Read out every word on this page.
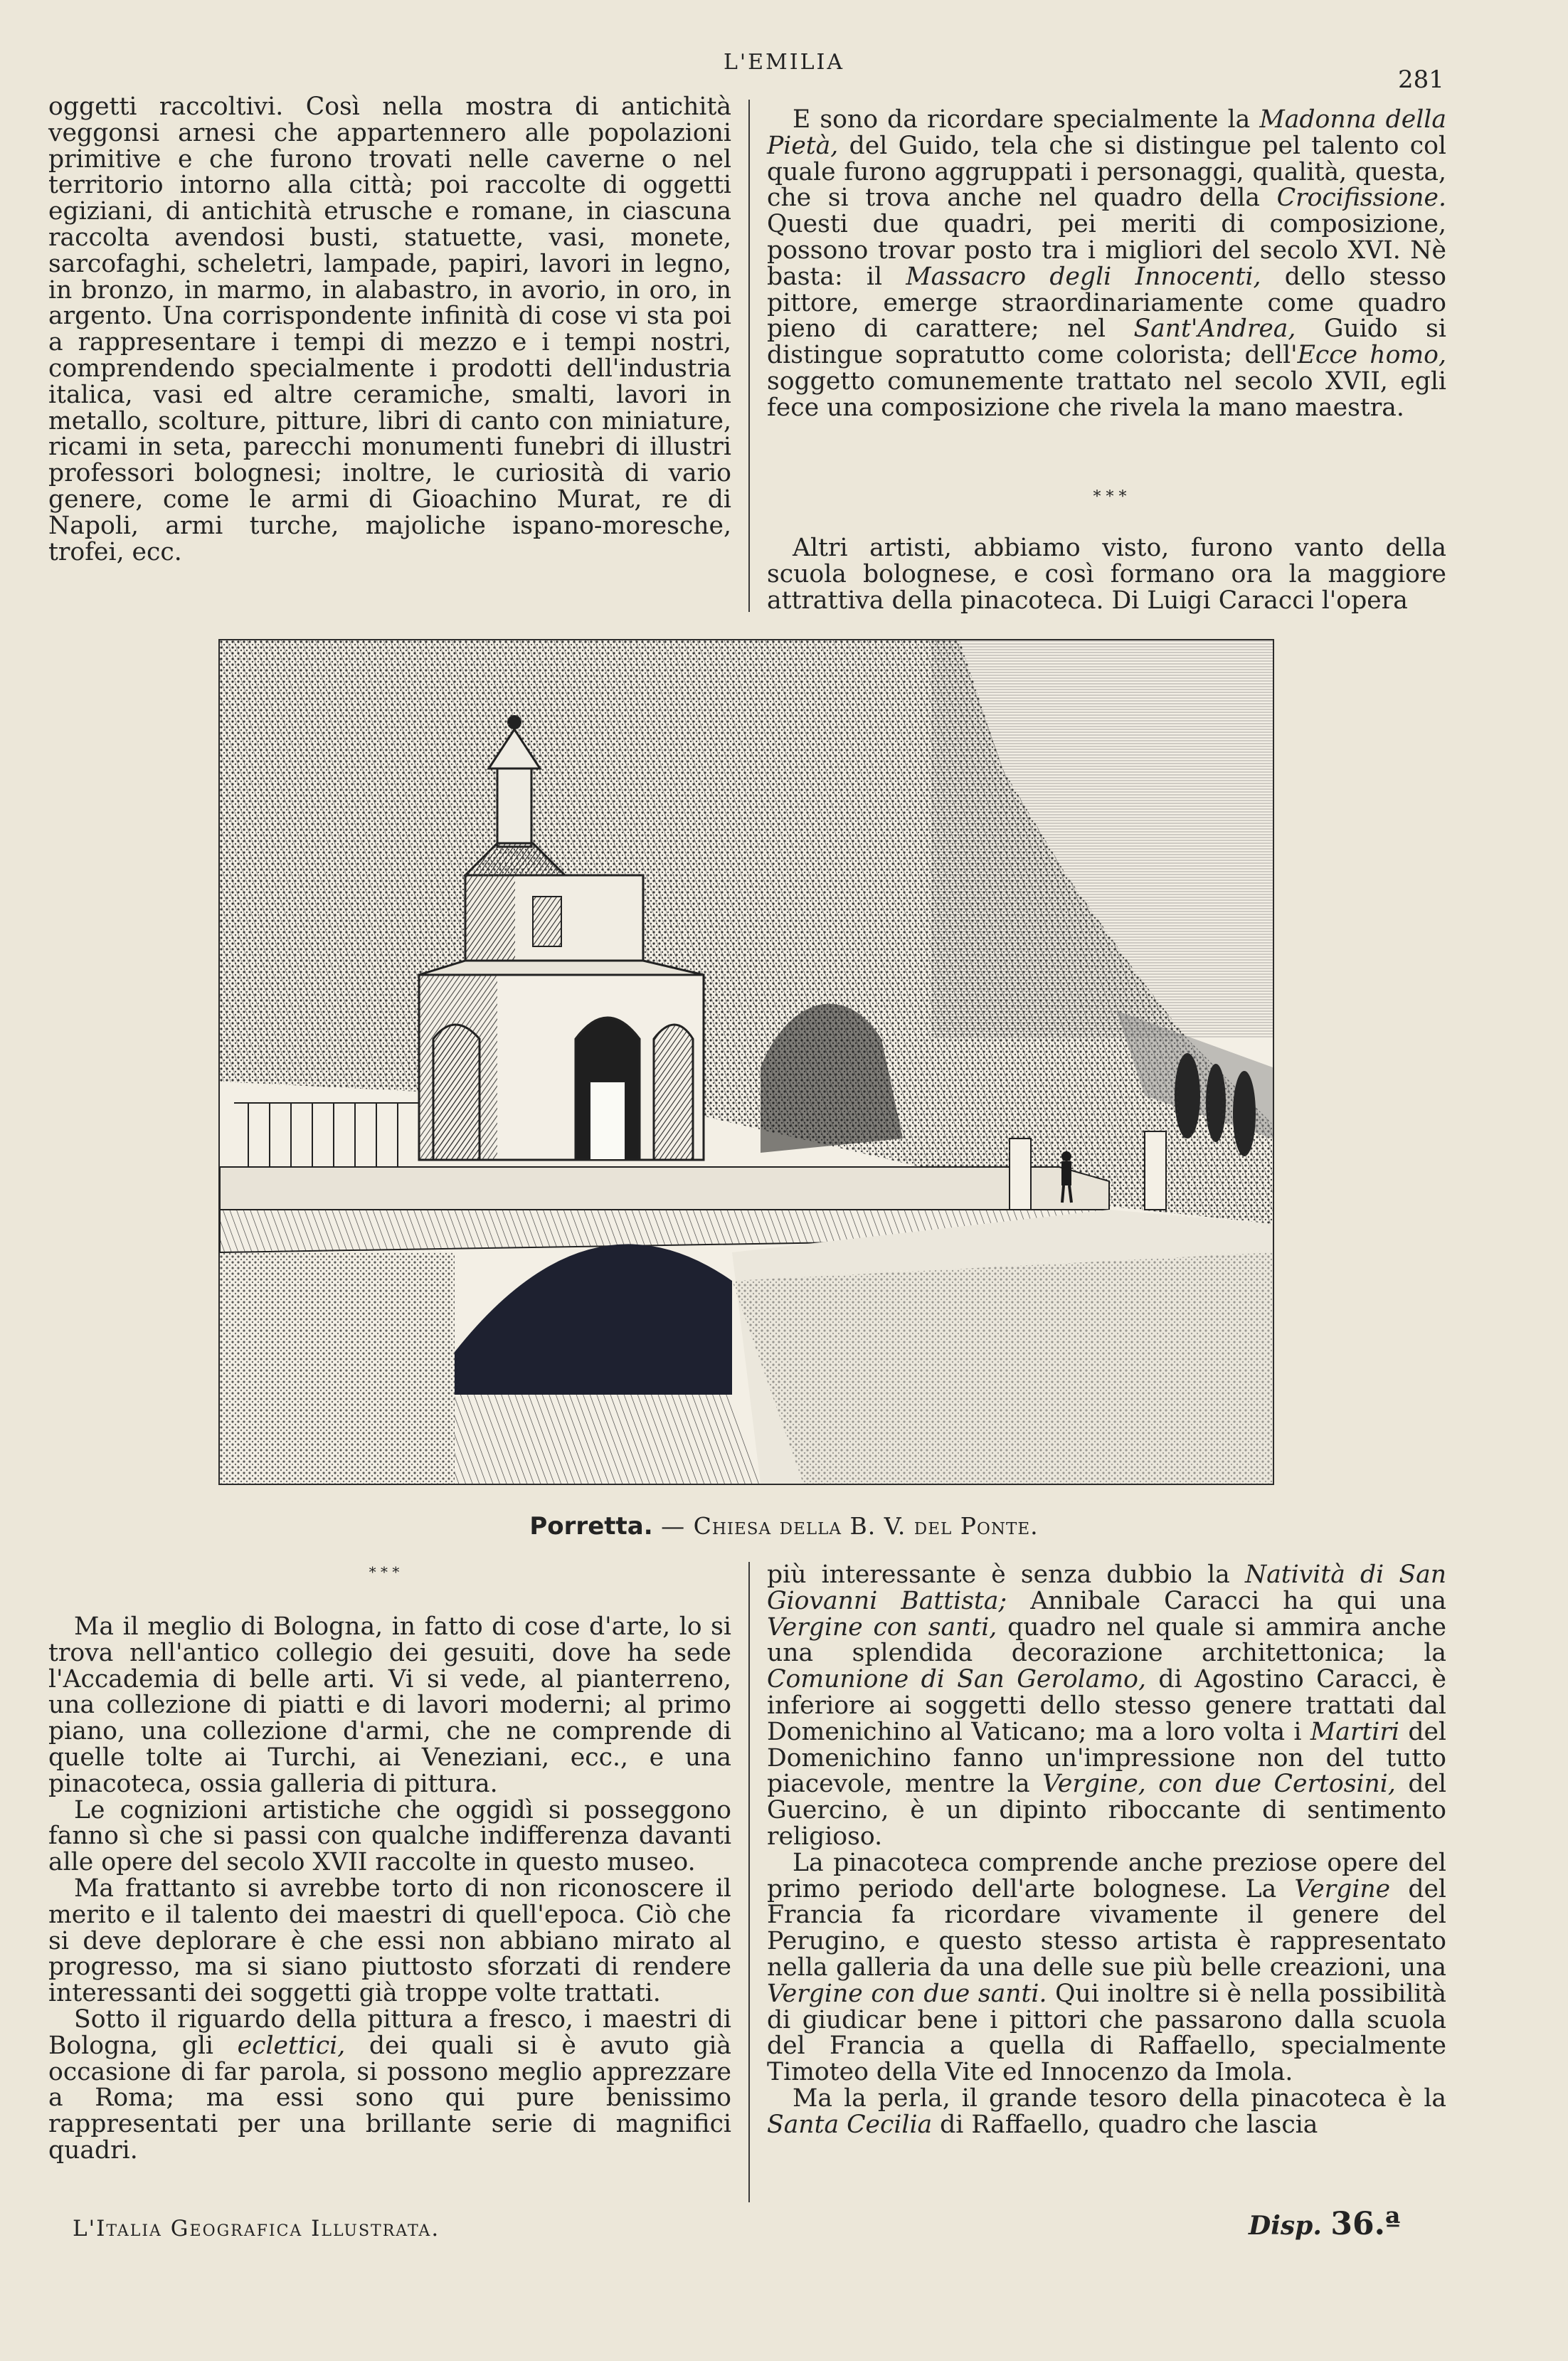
L'EMILIA
281

oggetti raccoltivi. Così nella mostra di antichità veggonsi arnesi che appartennero alle popolazioni primitive e che furono trovati nelle caverne o nel territorio intorno alla città; poi raccolte di oggetti egiziani, di antichità etrusche e romane, in ciascuna raccolta avendosi busti, statuette, vasi, monete, sarcofaghi, scheletri, lampade, papiri, lavori in legno, in bronzo, in marmo, in alabastro, in avorio, in oro, in argento. Una corrispondente infinità di cose vi sta poi a rappresentare i tempi di mezzo e i tempi nostri, comprendendo specialmente i prodotti dell'industria italica, vasi ed altre ceramiche, smalti, lavori in metallo, scolture, pitture, libri di canto con miniature, ricami in seta, parecchi monumenti funebri di illustri professori bolognesi; inoltre, le curiosità di vario genere, come le armi di Gioachino Murat, re di Napoli, armi turche, majoliche ispano-moresche, trofei, ecc.

E sono da ricordare specialmente la Madonna della Pietà, del Guido, tela che si distingue pel talento col quale furono aggruppati i personaggi, qualità, questa, che si trova anche nel quadro della Crocifissione. Questi due quadri, pei meriti di composizione, possono trovar posto tra i migliori del secolo XVI. Nè basta: il Massacro degli Innocenti, dello stesso pittore, emerge straordinariamente come quadro pieno di carattere; nel Sant'Andrea, Guido si distingue sopratutto come colorista; dell'Ecce homo, soggetto comunemente trattato nel secolo XVII, egli fece una composizione che rivela la mano maestra.

* * *

Altri artisti, abbiamo visto, furono vanto della scuola bolognese, e così formano ora la maggiore attrattiva della pinacoteca. Di Luigi Caracci l'opera

Porretta. — Chiesa della B. V. del Ponte.
* * *

Ma il meglio di Bologna, in fatto di cose d'arte, lo si trova nell'antico collegio dei gesuiti, dove ha sede l'Accademia di belle arti. Vi si vede, al pianterreno, una collezione di piatti e di lavori moderni; al primo piano, una collezione d'armi, che ne comprende di quelle tolte ai Turchi, ai Veneziani, ecc., e una pinacoteca, ossia galleria di pittura.

Le cognizioni artistiche che oggidì si posseggono fanno sì che si passi con qualche indifferenza davanti alle opere del secolo XVII raccolte in questo museo.

Ma frattanto si avrebbe torto di non riconoscere il merito e il talento dei maestri di quell'epoca. Ciò che si deve deplorare è che essi non abbiano mirato al progresso, ma si siano piuttosto sforzati di rendere interessanti dei soggetti già troppe volte trattati.

Sotto il riguardo della pittura a fresco, i maestri di Bologna, gli eclettici, dei quali si è avuto già occasione di far parola, si possono meglio apprezzare a Roma; ma essi sono qui pure benissimo rappresentati per una brillante serie di magnifici quadri.

più interessante è senza dubbio la Natività di San Giovanni Battista; Annibale Caracci ha qui una Vergine con santi, quadro nel quale si ammira anche una splendida decorazione architettonica; la Comunione di San Gerolamo, di Agostino Caracci, è inferiore ai soggetti dello stesso genere trattati dal Domenichino al Vaticano; ma a loro volta i Martiri del Domenichino fanno un'impressione non del tutto piacevole, mentre la Vergine, con due Certosini, del Guercino, è un dipinto riboccante di sentimento religioso.

La pinacoteca comprende anche preziose opere del primo periodo dell'arte bolognese. La Vergine del Francia fa ricordare vivamente il genere del Perugino, e questo stesso artista è rappresentato nella galleria da una delle sue più belle creazioni, una Vergine con due santi. Qui inoltre si è nella possibilità di giudicar bene i pittori che passarono dalla scuola del Francia a quella di Raffaello, specialmente Timoteo della Vite ed Innocenzo da Imola.

Ma la perla, il grande tesoro della pinacoteca è la Santa Cecilia di Raffaello, quadro che lascia

L'Italia Geografica Illustrata.	Disp. 36.ª
